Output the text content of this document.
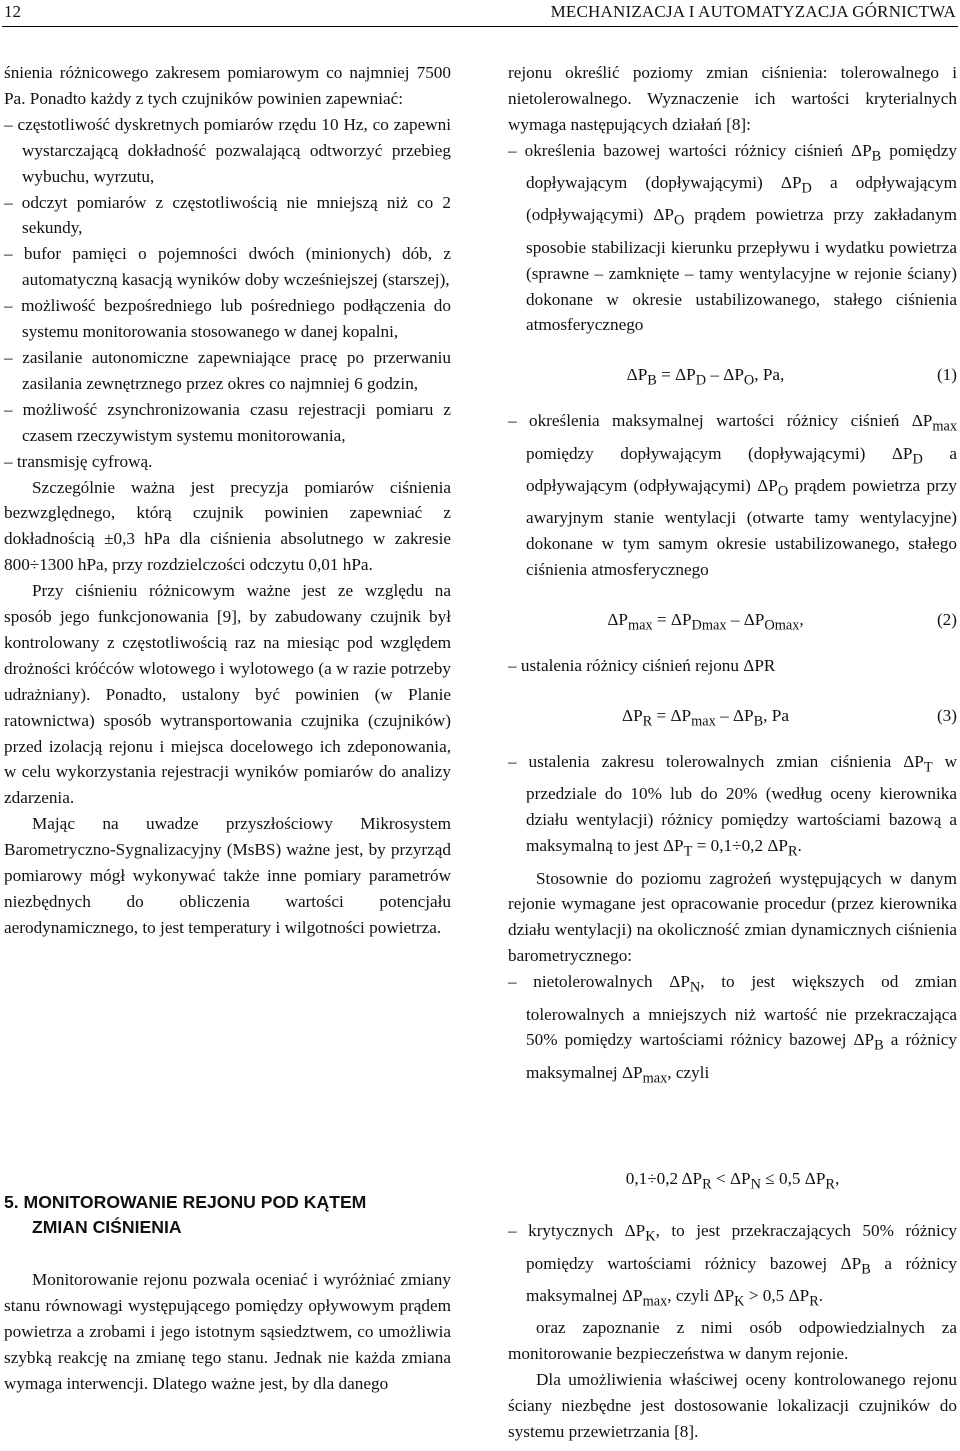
12	MECHANIZACJA I AUTOMATYZACJA GÓRNICTWA

śnienia różnicowego zakresem pomiarowym co najmniej 7500 Pa. Ponadto każdy z tych czujników powinien zapewniać:

– częstotliwość dyskretnych pomiarów rzędu 10 Hz, co zapewni wystarczającą dokładność pozwalającą odtworzyć przebieg wybuchu, wyrzutu,

– odczyt pomiarów z częstotliwością nie mniejszą niż co 2 sekundy,

– bufor pamięci o pojemności dwóch (minionych) dób, z automatyczną kasacją wyników doby wcześniejszej (starszej),

– możliwość bezpośredniego lub pośredniego podłączenia do systemu monitorowania stosowanego w danej kopalni,

– zasilanie autonomiczne zapewniające pracę po przerwaniu zasilania zewnętrznego przez okres co najmniej 6 godzin,

– możliwość zsynchronizowania czasu rejestracji pomiaru z czasem rzeczywistym systemu monitorowania,

– transmisję cyfrową.

Szczególnie ważna jest precyzja pomiarów ciśnienia bezwzględnego, którą czujnik powinien zapewniać z dokładnością ±0,3 hPa dla ciśnienia absolutnego w zakresie 800÷1300 hPa, przy rozdzielczości odczytu 0,01 hPa.

Przy ciśnieniu różnicowym ważne jest ze względu na sposób jego funkcjonowania [9], by zabudowany czujnik był kontrolowany z częstotliwością raz na miesiąc pod względem drożności króćców wlotowego i wylotowego (a w razie potrzeby udrażniany). Ponadto, ustalony być powinien (w Planie ratownictwa) sposób wytransportowania czujnika (czujników) przed izolacją rejonu i miejsca docelowego ich zdeponowania, w celu wykorzystania rejestracji wyników pomiarów do analizy zdarzenia.

Mając na uwadze przyszłościowy Mikrosystem Barometryczno-Sygnalizacyjny (MsBS) ważne jest, by przyrząd pomiarowy mógł wykonywać także inne pomiary parametrów niezbędnych do obliczenia wartości potencjału aerodynamicznego, to jest temperatury i wilgotności powietrza.

5. MONITOROWANIE REJONU POD KĄTEM
ZMIAN CIŚNIENIA

Monitorowanie rejonu pozwala oceniać i wyróżniać zmiany stanu równowagi występującego pomiędzy opływowym prądem powietrza a zrobami i jego istotnym sąsiedztwem, co umożliwia szybką reakcję na zmianę tego stanu. Jednak nie każda zmiana wymaga interwencji. Dlatego ważne jest, by dla danego

rejonu określić poziomy zmian ciśnienia: tolerowalnego i nietolerowalnego. Wyznaczenie ich wartości kryterialnych wymaga następujących działań [8]:

– określenia bazowej wartości różnicy ciśnień $\Delta P_B$ pomiędzy dopływającym (dopływającymi) $\Delta P_D$ a odpływającym (odpływającymi) $\Delta P_O$ prądem powietrza przy zakładanym sposobie stabilizacji kierunku przepływu i wydatku powietrza (sprawne – zamknięte – tamy wentylacyjne w rejonie ściany) dokonane w okresie ustabilizowanego, stałego ciśnienia atmosferycznego

$\Delta P_B = \Delta P_D - \Delta P_O$, Pa,	(1)

– określenia maksymalnej wartości różnicy ciśnień $\Delta P_{max}$ pomiędzy dopływającym (dopływającymi) $\Delta P_D$ a odpływającym (odpływającymi) $\Delta P_O$ prądem powietrza przy awaryjnym stanie wentylacji (otwarte tamy wentylacyjne) dokonane w tym samym okresie ustabilizowanego, stałego ciśnienia atmosferycznego

$\Delta P_{max} = \Delta P_{Dmax} - \Delta P_{Omax}$,	(2)

– ustalenia różnicy ciśnień rejonu ΔPR

$\Delta P_R = \Delta P_{max} - \Delta P_B$, Pa	(3)

– ustalenia zakresu tolerowalnych zmian ciśnienia $\Delta P_T$ w przedziale do 10% lub do 20% (według oceny kierownika działu wentylacji) różnicy pomiędzy wartościami bazową a maksymalną to jest $\Delta P_T = 0,1\div 0,2$ $\Delta P_R$.

Stosownie do poziomu zagrożeń występujących w danym rejonie wymagane jest opracowanie procedur (przez kierownika działu wentylacji) na okoliczność zmian dynamicznych ciśnienia barometrycznego:

– nietolerowalnych $\Delta P_N$, to jest większych od zmian tolerowalnych a mniejszych niż wartość nie przekraczająca 50% pomiędzy wartościami różnicy bazowej $\Delta P_B$ a różnicy maksymalnej $\Delta P_{max}$, czyli

0,1÷0,2 $\Delta P_R < \Delta P_N \le 0,5$ $\Delta P_R$,

– krytycznych $\Delta P_K$, to jest przekraczających 50% różnicy pomiędzy wartościami różnicy bazowej $\Delta P_B$ a różnicy maksymalnej $\Delta P_{max}$, czyli $\Delta P_K > 0,5$ $\Delta P_R$.

oraz zapoznanie z nimi osób odpowiedzialnych za monitorowanie bezpieczeństwa w danym rejonie.

Dla umożliwienia właściwej oceny kontrolowanego rejonu ściany niezbędne jest dostosowanie lokalizacji czujników do systemu przewietrzania [8].
